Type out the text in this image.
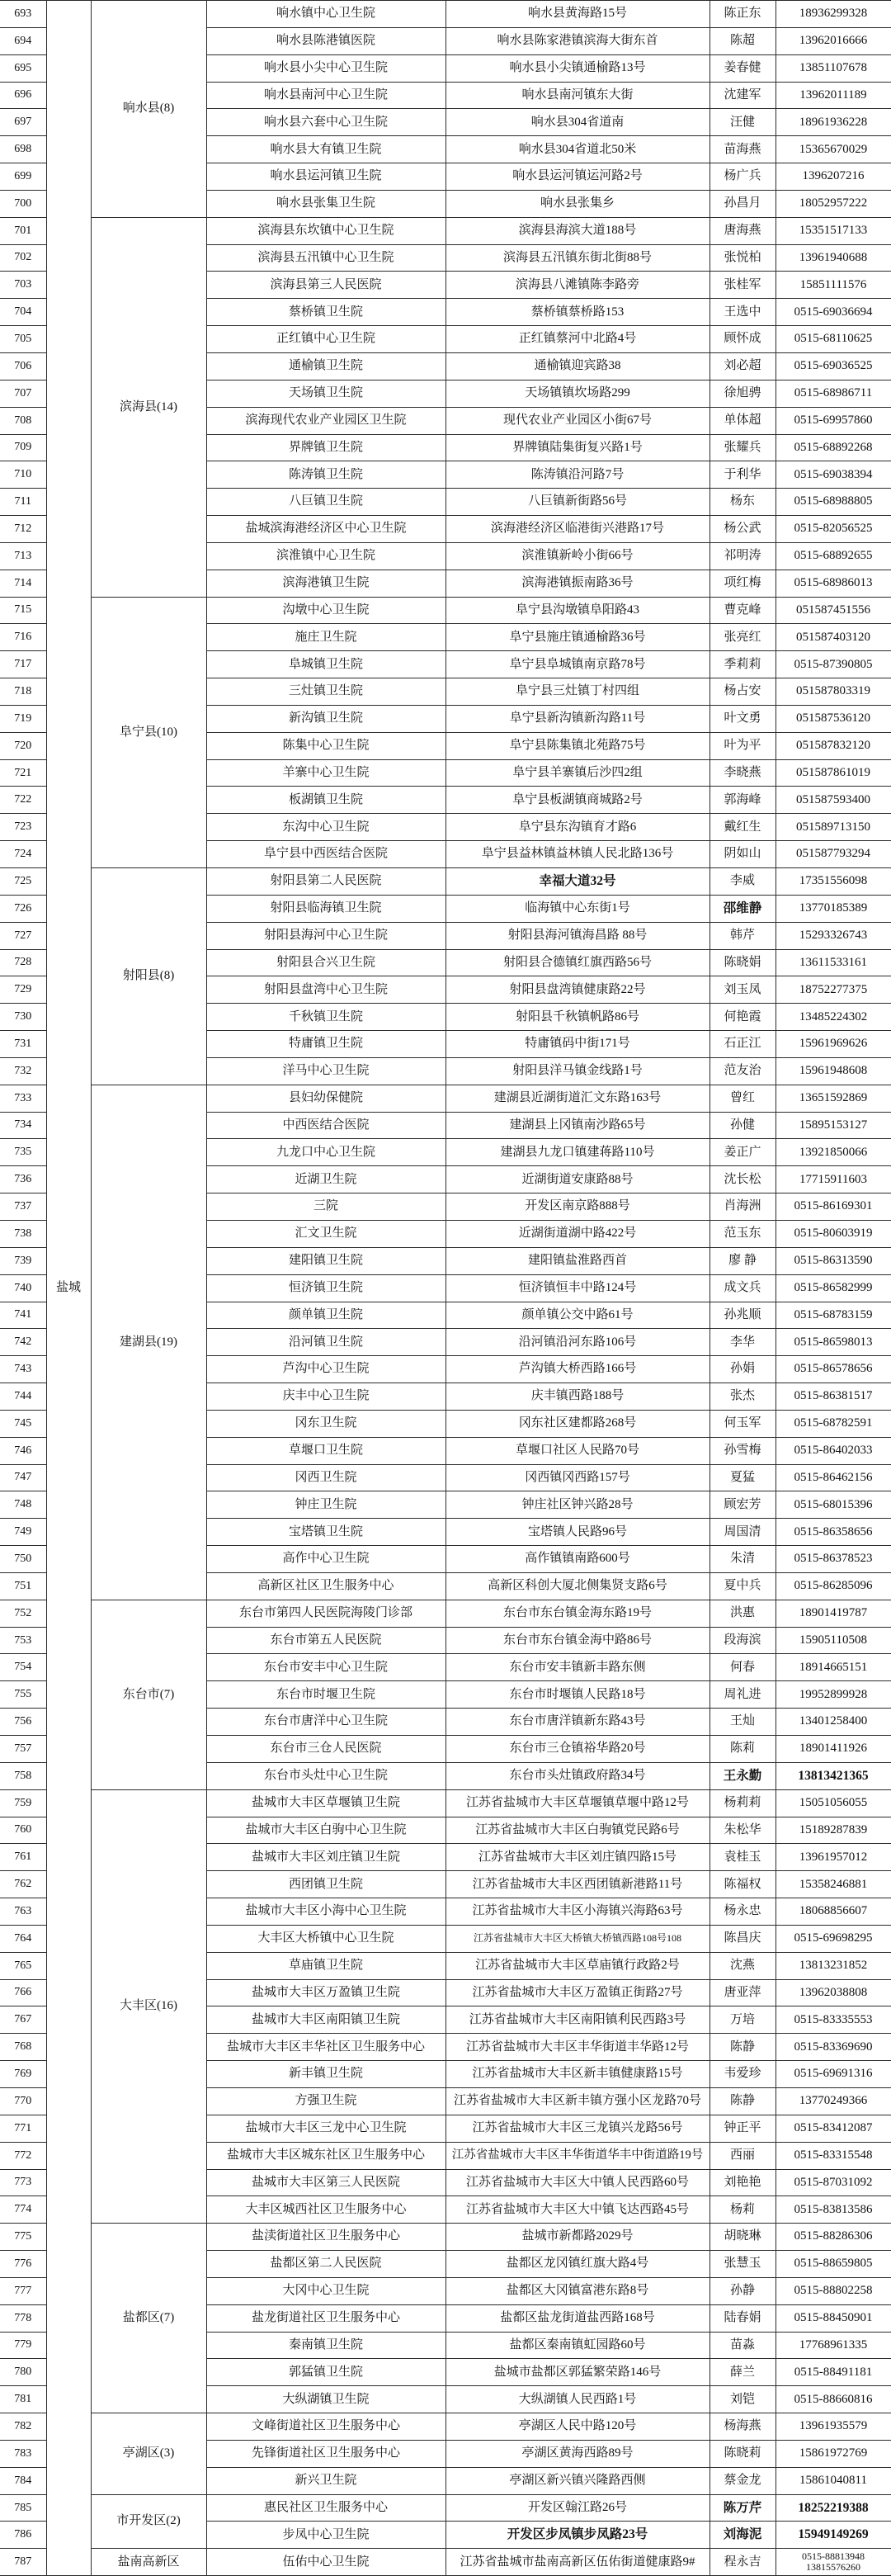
693	盐城	响水县(8)	响水镇中心卫生院	响水县黄海路15号	陈正东	18936299328
694			响水县陈港镇医院	响水县陈家港镇滨海大街东首	陈超	13962016666
695			响水县小尖中心卫生院	响水县小尖镇通榆路13号	姜春健	13851107678
696			响水县南河中心卫生院	响水县南河镇东大街	沈建军	13962011189
697			响水县六套中心卫生院	响水县304省道南	汪健	18961936228
698			响水县大有镇卫生院	响水县304省道北50米	苗海燕	15365670029
699			响水县运河镇卫生院	响水县运河镇运河路2号	杨广兵	1396207216
700			响水县张集卫生院	响水县张集乡	孙昌月	18052957222
701		滨海县(14)	滨海县东坎镇中心卫生院	滨海县海滨大道188号	唐海燕	15351517133
702			滨海县五汛镇中心卫生院	滨海县五汛镇东街北街88号	张悦柏	13961940688
703			滨海县第三人民医院	滨海县八滩镇陈李路旁	张桂军	15851111576
704			蔡桥镇卫生院	蔡桥镇蔡桥路153	王选中	0515-69036694
705			正红镇中心卫生院	正红镇蔡河中北路4号	顾怀成	0515-68110625
706			通榆镇卫生院	通榆镇迎宾路38	刘必超	0515-69036525
707			天场镇卫生院	天场镇镇坎场路299	徐旭骋	0515-68986711
708			滨海现代农业产业园区卫生院	现代农业产业园区小街67号	单体超	0515-69957860
709			界牌镇卫生院	界牌镇陆集街复兴路1号	张耀兵	0515-68892268
710			陈涛镇卫生院	陈涛镇沿河路7号	于利华	0515-69038394
711			八巨镇卫生院	八巨镇新街路56号	杨东	0515-68988805
712			盐城滨海港经济区中心卫生院	滨海港经济区临港街兴港路17号	杨公武	0515-82056525
713			滨淮镇中心卫生院	滨淮镇新岭小街66号	祁明涛	0515-68892655
714			滨海港镇卫生院	滨海港镇振南路36号	项红梅	0515-68986013
715		阜宁县(10)	沟墩中心卫生院	阜宁县沟墩镇阜阳路43	曹克峰	051587451556
716			施庄卫生院	阜宁县施庄镇通榆路36号	张亮红	051587403120
717			阜城镇卫生院	阜宁县阜城镇南京路78号	季莉莉	0515-87390805
718			三灶镇卫生院	阜宁县三灶镇丁村四组	杨占安	051587803319
719			新沟镇卫生院	阜宁县新沟镇新沟路11号	叶文勇	051587536120
720			陈集中心卫生院	阜宁县陈集镇北苑路75号	叶为平	051587832120
721			羊寨中心卫生院	阜宁县羊寨镇后沙四2组	李晓燕	051587861019
722			板湖镇卫生院	阜宁县板湖镇商城路2号	郭海峰	051587593400
723			东沟中心卫生院	阜宁县东沟镇育才路6	戴红生	051589713150
724			阜宁县中西医结合医院	阜宁县益林镇益林镇人民北路136号	阴如山	051587793294
725		射阳县(8)	射阳县第二人民医院	幸福大道32号	李威	17351556098
726			射阳县临海镇卫生院	临海镇中心东街1号	邵维静	13770185389
727			射阳县海河中心卫生院	射阳县海河镇海昌路 88号	韩芹	15293326743
728			射阳县合兴卫生院	射阳县合德镇红旗西路56号	陈晓娟	13611533161
729			射阳县盘湾中心卫生院	射阳县盘湾镇健康路22号	刘玉凤	18752277375
730			千秋镇卫生院	射阳县千秋镇帆路86号	何艳霞	13485224302
731			特庸镇卫生院	特庸镇码中街171号	石正江	15961969626
732			洋马中心卫生院	射阳县洋马镇金线路1号	范友治	15961948608
733		建湖县(19)	县妇幼保健院	建湖县近湖街道汇文东路163号	曾红	13651592869
734			中西医结合医院	建湖县上冈镇南沙路65号	孙健	15895153127
735			九龙口中心卫生院	建湖县九龙口镇建蒋路110号	姜正广	13921850066
736			近湖卫生院	近湖街道安康路88号	沈长松	17715911603
737			三院	开发区南京路888号	肖海洲	0515-86169301
738			汇文卫生院	近湖街道湖中路422号	范玉东	0515-80603919
739			建阳镇卫生院	建阳镇盐淮路西首	廖 静	0515-86313590
740			恒济镇卫生院	恒济镇恒丰中路124号	成文兵	0515-86582999
741			颜单镇卫生院	颜单镇公交中路61号	孙兆顺	0515-68783159
742			沿河镇卫生院	沿河镇沿河东路106号	李华	0515-86598013
743			芦沟中心卫生院	芦沟镇大桥西路166号	孙娟	0515-86578656
744			庆丰中心卫生院	庆丰镇西路188号	张杰	0515-86381517
745			冈东卫生院	冈东社区建都路268号	何玉军	0515-68782591
746			草堰口卫生院	草堰口社区人民路70号	孙雪梅	0515-86402033
747			冈西卫生院	冈西镇冈西路157号	夏猛	0515-86462156
748			钟庄卫生院	钟庄社区钟兴路28号	顾宏芳	0515-68015396
749			宝塔镇卫生院	宝塔镇人民路96号	周国清	0515-86358656
750			高作中心卫生院	高作镇镇南路600号	朱清	0515-86378523
751			高新区社区卫生服务中心	高新区科创大厦北侧集贤支路6号	夏中兵	0515-86285096
752		东台市(7)	东台市第四人民医院海陵门诊部	东台市东台镇金海东路19号	洪惠	18901419787
753			东台市第五人民医院	东台市东台镇金海中路86号	段海滨	15905110508
754			东台市安丰中心卫生院	东台市安丰镇新丰路东侧	何春	18914665151
755			东台市时堰卫生院	东台市时堰镇人民路18号	周礼进	19952899928
756			东台市唐洋中心卫生院	东台市唐洋镇新东路43号	王灿	13401258400
757			东台市三仓人民医院	东台市三仓镇裕华路20号	陈莉	18901411926
758			东台市头灶中心卫生院	东台市头灶镇政府路34号	王永勤	13813421365
759		大丰区(16)	盐城市大丰区草堰镇卫生院	江苏省盐城市大丰区草堰镇草堰中路12号	杨莉莉	15051056055
760			盐城市大丰区白驹中心卫生院	江苏省盐城市大丰区白驹镇党民路6号	朱松华	15189287839
761			盐城市大丰区刘庄镇卫生院	江苏省盐城市大丰区刘庄镇四路15号	袁桂玉	13961957012
762			西团镇卫生院	江苏省盐城市大丰区西团镇新港路11号	陈福权	15358246881
763			盐城市大丰区小海中心卫生院	江苏省盐城市大丰区小海镇兴海路63号	杨永忠	18068856607
764			大丰区大桥镇中心卫生院	江苏省盐城市大丰区大桥镇大桥镇西路108号108	陈昌庆	0515-69698295
765			草庙镇卫生院	江苏省盐城市大丰区草庙镇行政路2号	沈燕	13813231852
766			盐城市大丰区万盈镇卫生院	江苏省盐城市大丰区万盈镇正街路27号	唐亚萍	13962038808
767			盐城市大丰区南阳镇卫生院	江苏省盐城市大丰区南阳镇利民西路3号	万培	0515-83335553
768			盐城市大丰区丰华社区卫生服务中心	江苏省盐城市大丰区丰华街道丰华路12号	陈静	0515-83369690
769			新丰镇卫生院	江苏省盐城市大丰区新丰镇健康路15号	韦爱珍	0515-69691316
770			方强卫生院	江苏省盐城市大丰区新丰镇方强小区龙路70号	陈静	13770249366
771			盐城市大丰区三龙中心卫生院	江苏省盐城市大丰区三龙镇兴龙路56号	钟正平	0515-83412087
772			盐城市大丰区城东社区卫生服务中心	江苏省盐城市大丰区丰华街道华丰中街道路19号	西丽	0515-83315548
773			盐城市大丰区第三人民医院	江苏省盐城市大丰区大中镇人民西路60号	刘艳艳	0515-87031092
774			大丰区城西社区卫生服务中心	江苏省盐城市大丰区大中镇飞达西路45号	杨莉	0515-83813586
775		盐都区(7)	盐渎街道社区卫生服务中心	盐城市新都路2029号	胡晓琳	0515-88286306
776			盐都区第二人民医院	盐都区龙冈镇红旗大路4号	张慧玉	0515-88659805
777			大冈中心卫生院	盐都区大冈镇富港东路8号	孙静	0515-88802258
778			盐龙街道社区卫生服务中心	盐都区盐龙街道盐西路168号	陆春娟	0515-88450901
779			秦南镇卫生院	盐都区秦南镇虹园路60号	苗淼	17768961335
780			郭猛镇卫生院	盐城市盐都区郭猛繁荣路146号	薛兰	0515-88491181
781			大纵湖镇卫生院	大纵湖镇人民西路1号	刘铠	0515-88660816
782		亭湖区(3)	文峰街道社区卫生服务中心	亭湖区人民中路120号	杨海燕	13961935579
783			先锋街道社区卫生服务中心	亭湖区黄海西路89号	陈晓莉	15861972769
784			新兴卫生院	亭湖区新兴镇兴隆路西侧	蔡金龙	15861040811
785		市开发区(2)	惠民社区卫生服务中心	开发区翰江路26号	陈万芹	18252219388
786			步凤中心卫生院	开发区步凤镇步凤路23号	刘海泥	15949149269
787		盐南高新区	伍佑中心卫生院	江苏省盐城市盐南高新区伍佑街道健康路9#	程永吉	0515-88813948
13815576260
